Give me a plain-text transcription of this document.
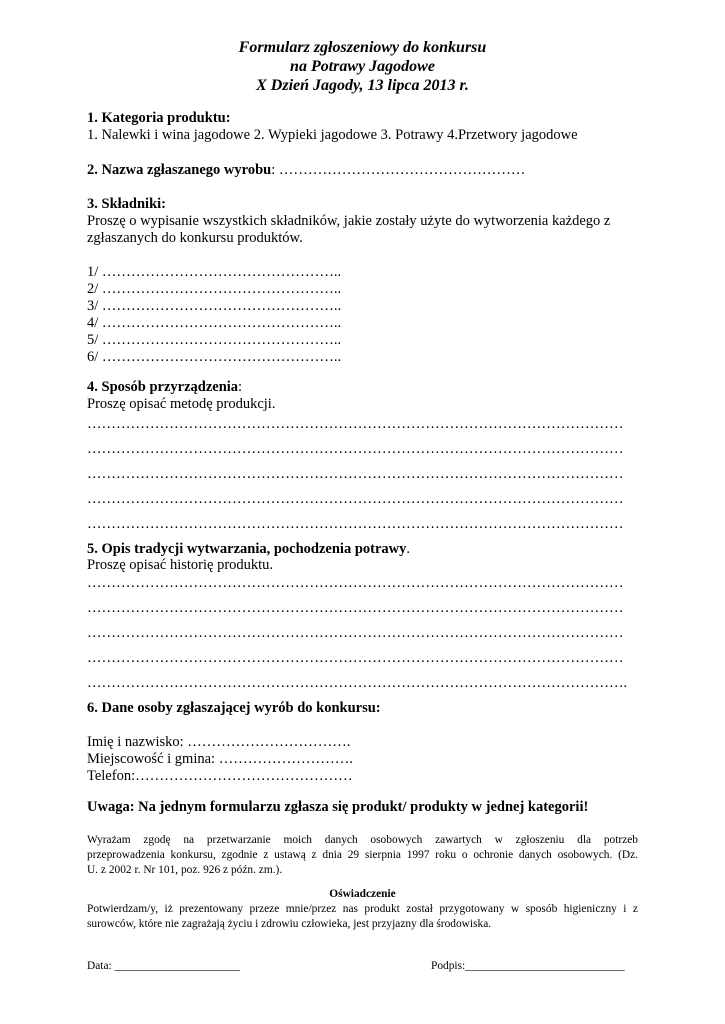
Formularz zgłoszeniowy do konkursu
na Potrawy Jagodowe
X Dzień Jagody, 13 lipca 2013 r.
1. Kategoria produktu:
1. Nalewki i wina jagodowe 2. Wypieki jagodowe 3. Potrawy 4.Przetwory jagodowe
2. Nazwa zgłaszanego wyrobu: ……………………………………………
3. Składniki:
Proszę o wypisanie wszystkich składników, jakie zostały użyte do wytworzenia każdego z
zgłaszanych do konkursu produktów.
1/ …………………………………………..
2/ …………………………………………..
3/ …………………………………………..
4/ …………………………………………..
5/ …………………………………………..
6/ …………………………………………..
4. Sposób przyrządzenia:
Proszę opisać metodę produkcji.
…………………………………………………………………………………………………
…………………………………………………………………………………………………
…………………………………………………………………………………………………
…………………………………………………………………………………………………
…………………………………………………………………………………………………
5. Opis tradycji wytwarzania, pochodzenia potrawy.
Proszę opisać historię produktu.
…………………………………………………………………………………………………
…………………………………………………………………………………………………
…………………………………………………………………………………………………
…………………………………………………………………………………………………
………………………………………………………………………………………………….
6. Dane osoby zgłaszającej wyrób do konkursu:
Imię i nazwisko: …………………………….
Miejscowość i gmina: ……………………….
Telefon:………………………………………
Uwaga: Na jednym formularzu zgłasza się produkt/ produkty w jednej kategorii!
Wyrażam zgodę na przetwarzanie moich danych osobowych zawartych w zgłoszeniu dla potrzeb
przeprowadzenia konkursu, zgodnie z ustawą z dnia 29 sierpnia 1997 roku o ochronie danych osobowych. (Dz.
U. z 2002 r. Nr 101, poz. 926 z późn. zm.).
Oświadczenie
Potwierdzam/y, iż prezentowany przeze mnie/przez nas produkt został przygotowany w sposób higieniczny i z
surowców, które nie zagrażają życiu i zdrowiu człowieka, jest przyjazny dla środowiska.
Data: ______________________	Podpis:____________________________
